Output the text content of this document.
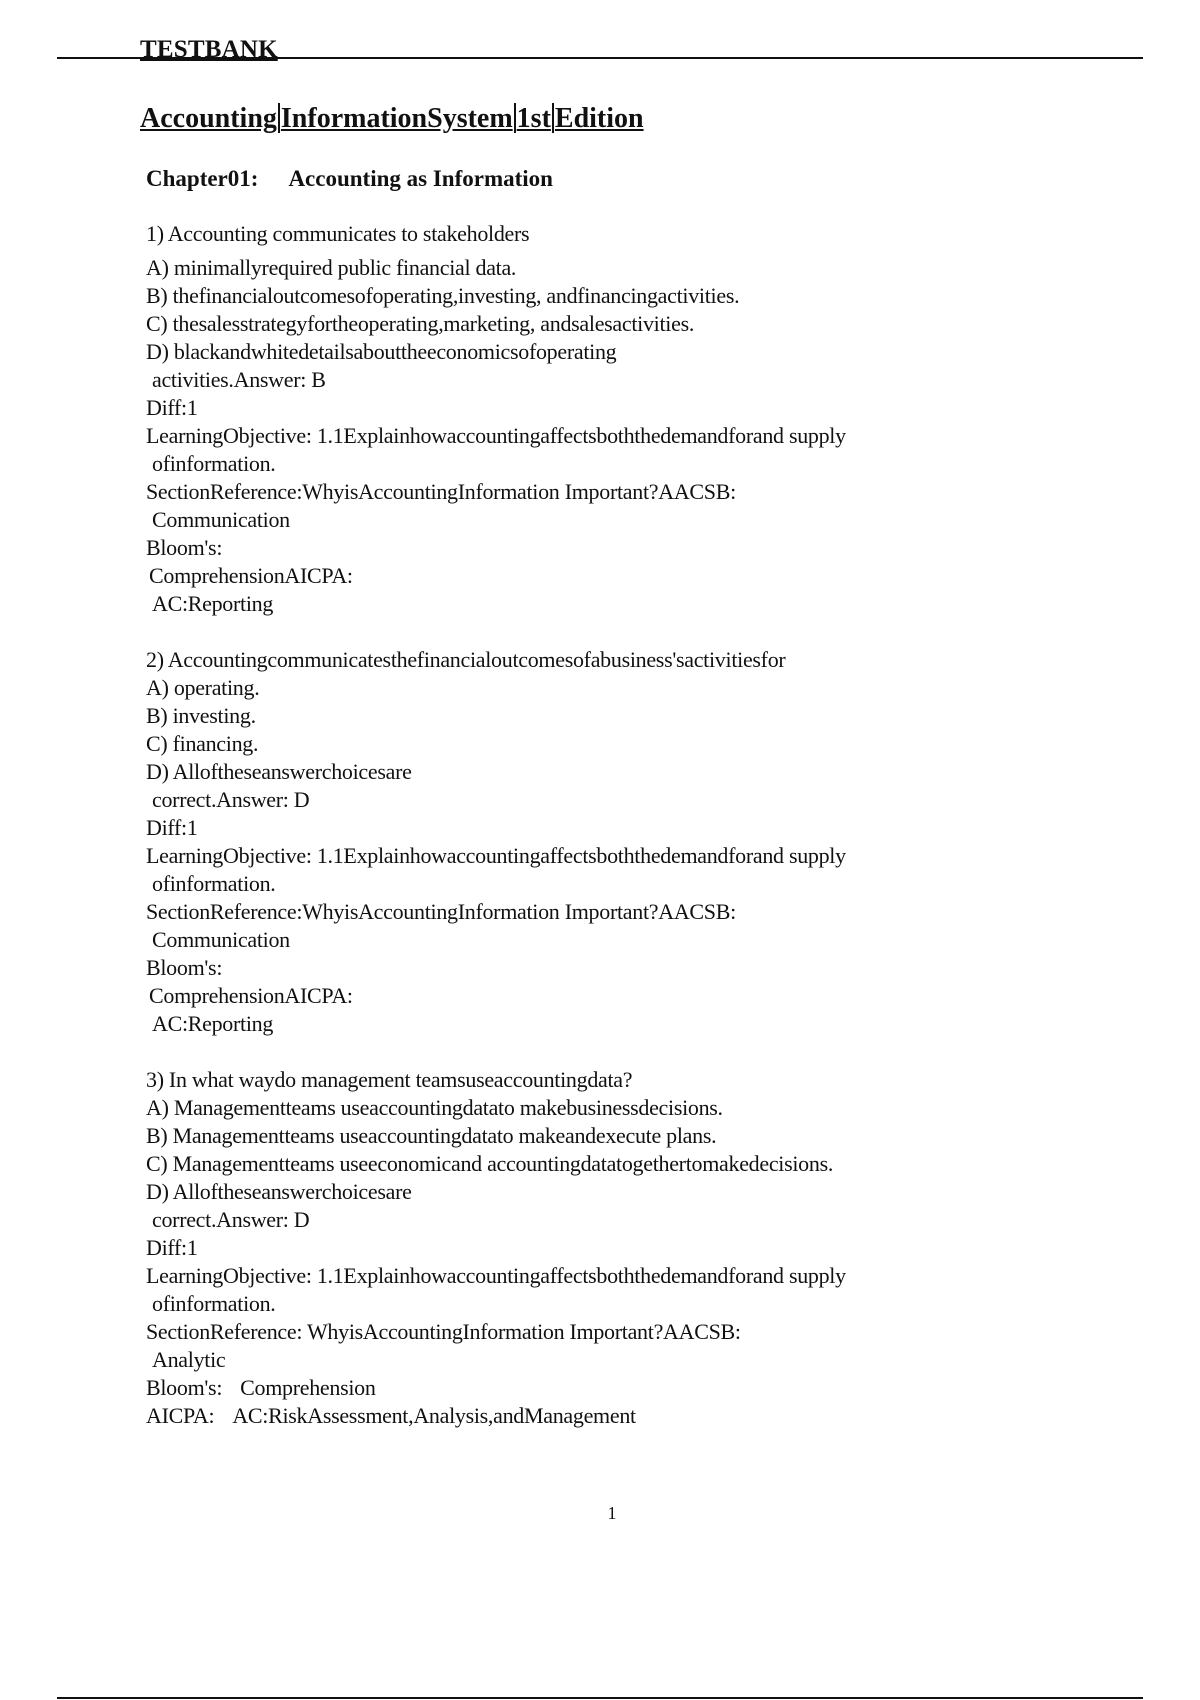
TESTBANK
Accounting InformationSystem 1st Edition
Chapter01: Accounting as Information
1) Accounting communicates to stakeholders
A) minimallyrequired public financial data.
B) thefinancialoutcomesofoperating,investing, andfinancingactivities.
C) thesalesstrategyfortheoperating,marketing, andsalesactivities.
D) blackandwhitedetailsabouttheeconomicsofoperating
activities.Answer: B
Diff:1
LearningObjective: 1.1Explainhowaccountingaffectsboththedemandforand supply
ofinformation.
SectionReference:WhyisAccountingInformation Important?AACSB:
Communication
Bloom's:
ComprehensionAICPA:
AC:Reporting
2) Accountingcommunicatesthefinancialoutcomesofabusiness'sactivitiesfor
A) operating.
B) investing.
C) financing.
D) Alloftheseanswerchoicesare
correct.Answer: D
Diff:1
LearningObjective: 1.1Explainhowaccountingaffectsboththedemandforand supply
ofinformation.
SectionReference:WhyisAccountingInformation Important?AACSB:
Communication
Bloom's:
ComprehensionAICPA:
AC:Reporting
3) In what waydo management teamsuseaccountingdata?
A) Managementteams useaccountingdatato makebusinessdecisions.
B) Managementteams useaccountingdatato makeandexecute plans.
C) Managementteams useeconomicand accountingdatatogethertomakedecisions.
D) Alloftheseanswerchoicesare
correct.Answer: D
Diff:1
LearningObjective: 1.1Explainhowaccountingaffectsboththedemandforand supply
ofinformation.
SectionReference: WhyisAccountingInformation Important?AACSB:
Analytic
Bloom's: Comprehension
AICPA: AC:RiskAssessment,Analysis,andManagement
1
